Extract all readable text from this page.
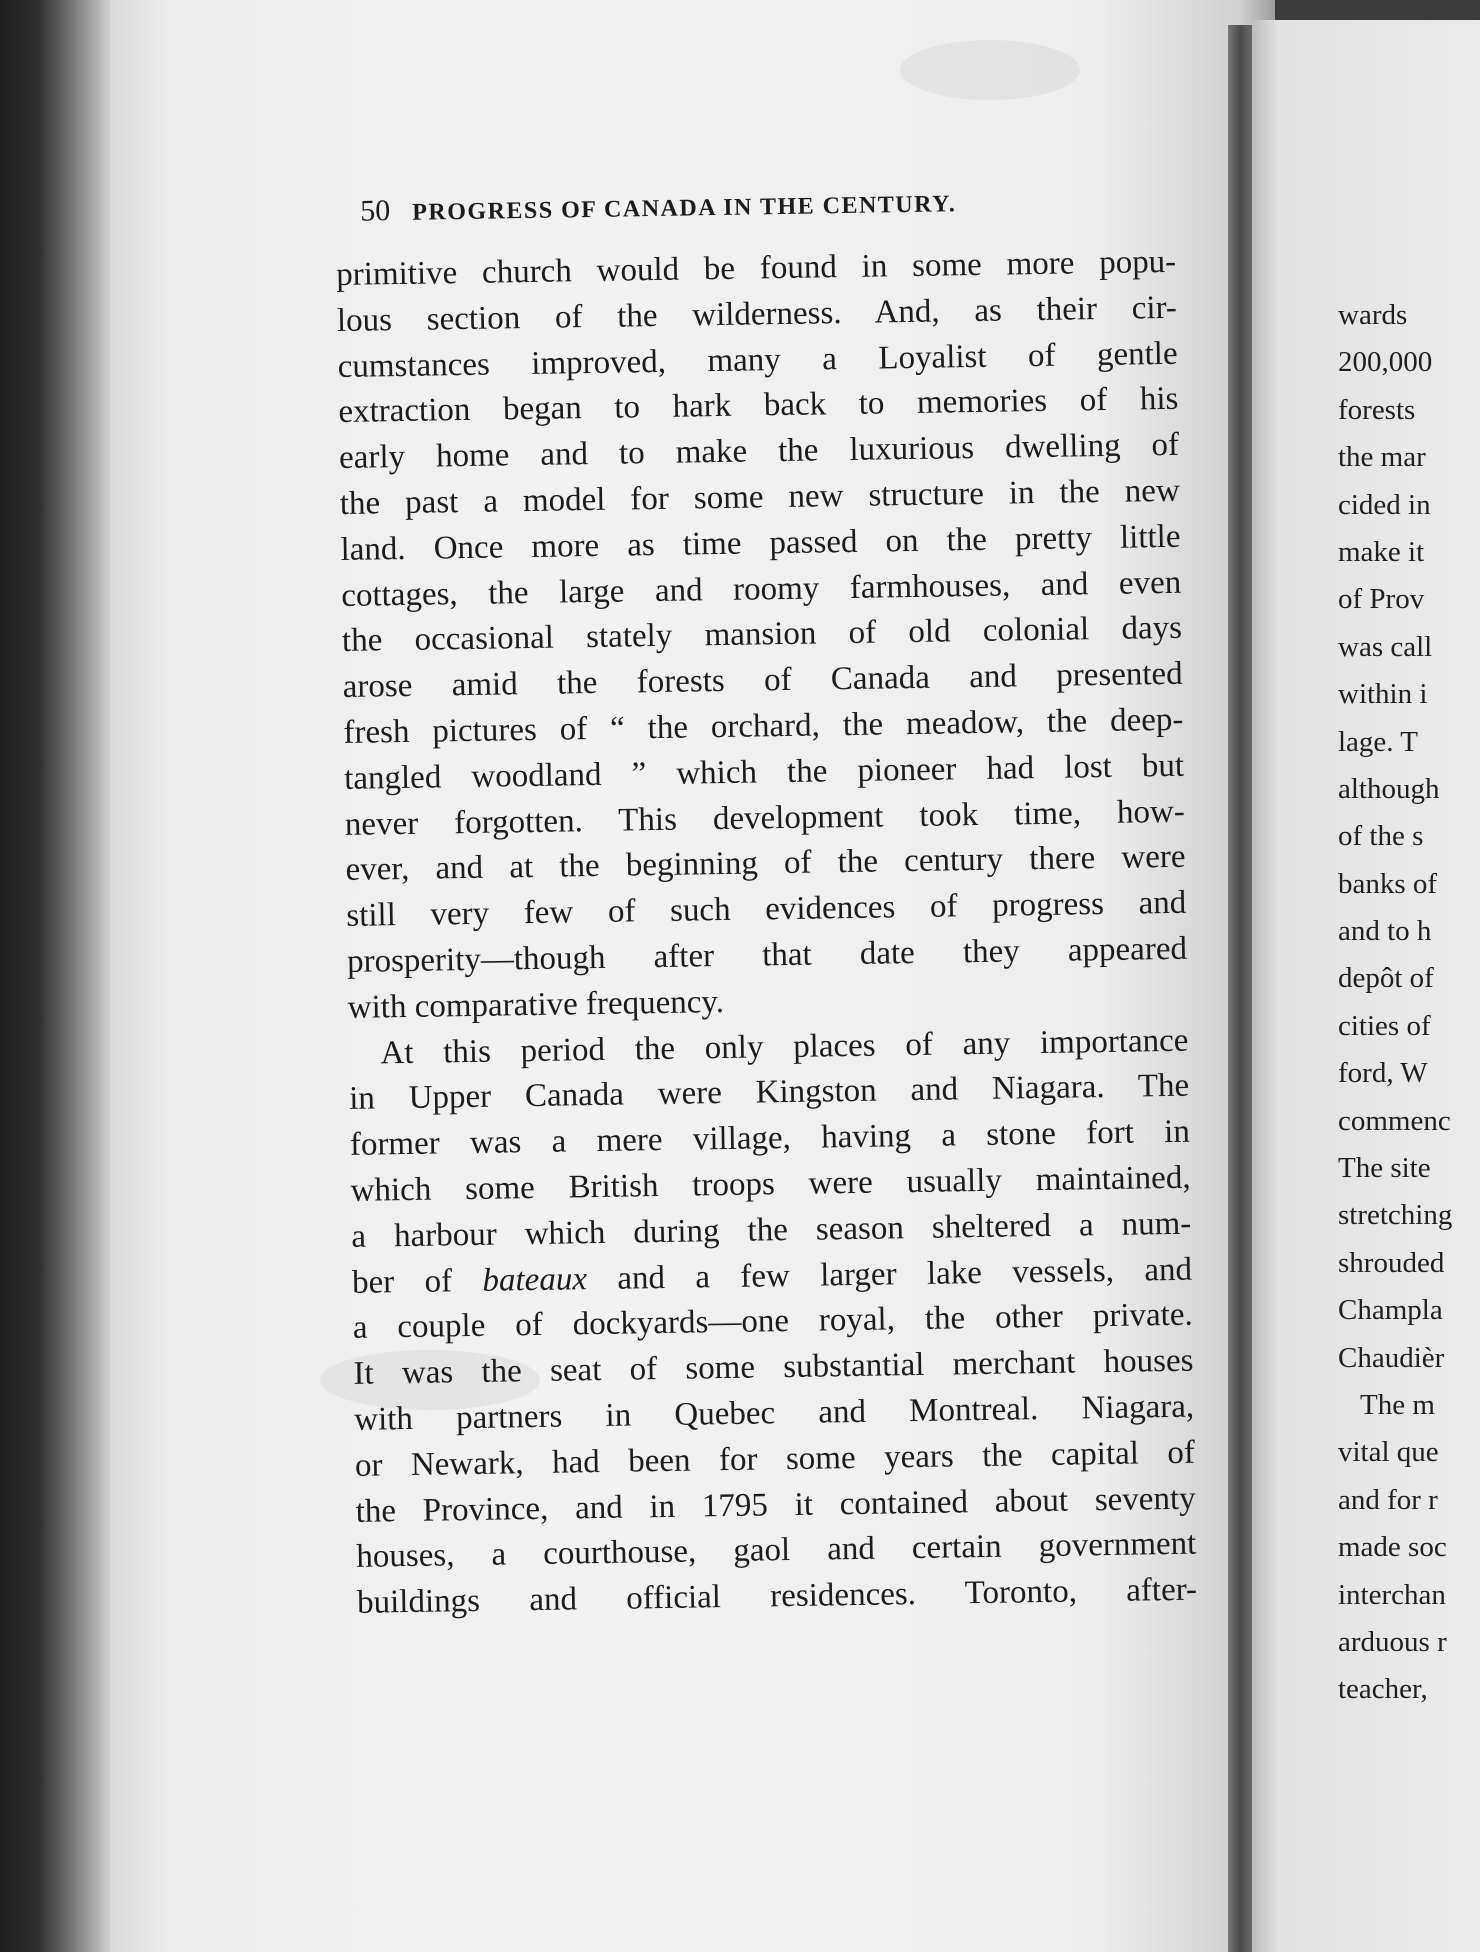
50 PROGRESS OF CANADA IN THE CENTURY.
primitive church would be found in some more popu-
lous section of the wilderness. And, as their cir-
cumstances improved, many a Loyalist of gentle
extraction began to hark back to memories of his
early home and to make the luxurious dwelling of
the past a model for some new structure in the new
land. Once more as time passed on the pretty little
cottages, the large and roomy farmhouses, and even
the occasional stately mansion of old colonial days
arose amid the forests of Canada and presented
fresh pictures of “ the orchard, the meadow, the deep-
tangled woodland ” which the pioneer had lost but
never forgotten. This development took time, how-
ever, and at the beginning of the century there were
still very few of such evidences of progress and
prosperity—though after that date they appeared
with comparative frequency.
At this period the only places of any importance
in Upper Canada were Kingston and Niagara. The
former was a mere village, having a stone fort in
which some British troops were usually maintained,
a harbour which during the season sheltered a num-
ber of bateaux and a few larger lake vessels, and
a couple of dockyards—one royal, the other private.
It was the seat of some substantial merchant houses
with partners in Quebec and Montreal. Niagara,
or Newark, had been for some years the capital of
the Province, and in 1795 it contained about seventy
houses, a courthouse, gaol and certain government
buildings and official residences. Toronto, after-
wards
200,000
forests
the mar
cided in
make it
of Prov
was call
within i
lage. T
although
of the s
banks of
and to h
depôt of
cities of
ford, W
commenc
The site
stretching
shrouded
Champla
Chaudièr
The m
vital que
and for r
made soc
interchan
arduous r
teacher,
